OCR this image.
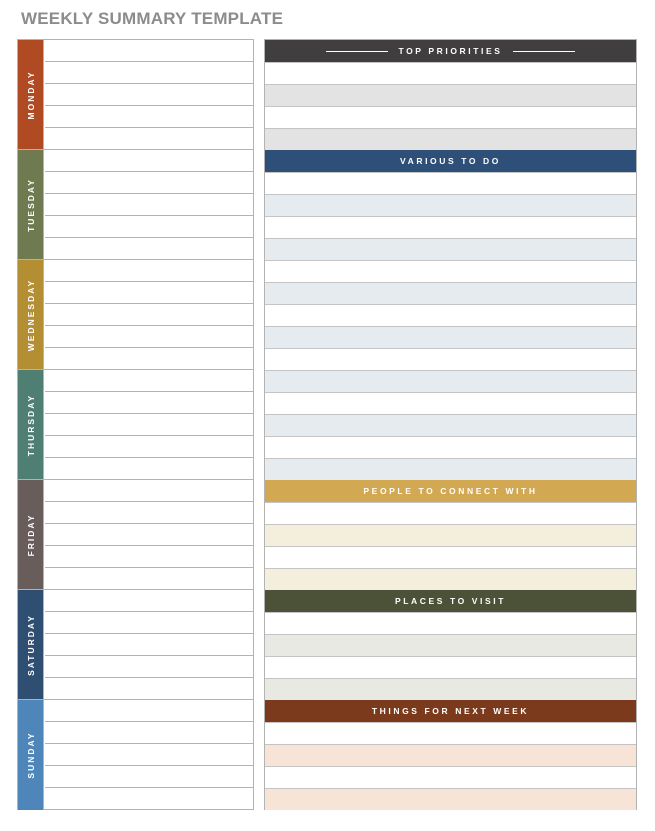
WEEKLY SUMMARY TEMPLATE
MONDAY
TUESDAY
WEDNESDAY
THURSDAY
FRIDAY
SATURDAY
SUNDAY
TOP PRIORITIES
VARIOUS TO DO
PEOPLE TO CONNECT WITH
PLACES TO VISIT
THINGS FOR NEXT WEEK
